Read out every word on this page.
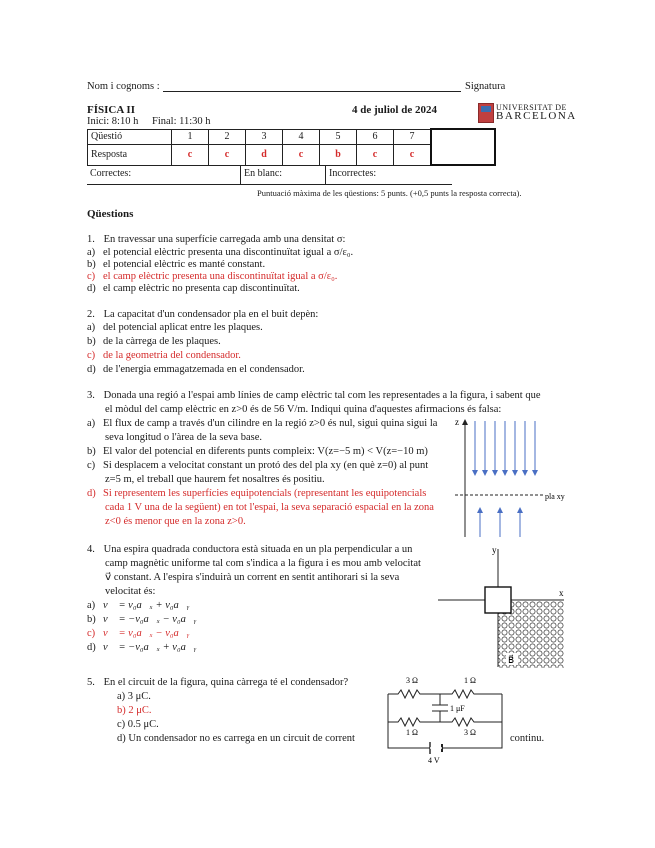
Nom i cognoms :	Signatura
FÍSICA II	4 de juliol de 2024
Inici: 8:10 h Final: 11:30 h
UNIVERSITAT DE
BARCELONA
Qüestió	1	2	3	4	5	6	7	
Resposta	c	c	d	c	b	c	c	
Correctes:	En blanc:	Incorrectes:
Puntuació màxima de les qüestions: 5 punts. (+0,5 punts la resposta correcta).
Qüestions
1. En travessar una superfície carregada amb una densitat σ:
a) el potencial elèctric presenta una discontinuïtat igual a σ/ε₀.
b) el potencial elèctric es manté constant.
c) el camp elèctric presenta una discontinuïtat igual a σ/ε₀.
d) el camp elèctric no presenta cap discontinuïtat.
2. La capacitat d'un condensador pla en el buit depèn:
a) del potencial aplicat entre les plaques.
b) de la càrrega de les plaques.
c) de la geometria del condensador.
d) de l'energia emmagatzemada en el condensador.
3. Donada una regió a l'espai amb línies de camp elèctric tal com les representades a la figura, i sabent que
el mòdul del camp elèctric en z>0 és de 56 V/m. Indiqui quina d'aquestes afirmacions és falsa:
a) El flux de camp a través d'un cilindre en la regió z>0 és nul, sigui quina sigui la
seva longitud o l'àrea de la seva base.
b) El valor del potencial en diferents punts compleix: V(z=−5 m) < V(z=−10 m)
c) Si desplacem a velocitat constant un protó des del pla xy (en què z=0) al punt
z=5 m, el treball que haurem fet nosaltres és positiu.
d) Si representem les superfícies equipotencials (representant les equipotencials
cada 1 V una de la següent) en tot l'espai, la seva separació espacial en la zona
z<0 és menor que en la zona z>0.
z
pla xy
4. Una espira quadrada conductora està situada en un pla perpendicular a un
camp magnètic uniforme tal com s'indica a la figura i es mou amb velocitat
v⃗ constant. A l'espira s'induirà un corrent en sentit antihorari si la seva
velocitat és:
a) v⃗ = v₀a⃗ₓ + v₀a⃗ᵧ
b) v⃗ = −v₀a⃗ₓ − v₀a⃗ᵧ
c) v⃗ = v₀a⃗ₓ − v₀a⃗ᵧ
d) v⃗ = −v₀a⃗ₓ + v₀a⃗ᵧ
y
x
B⃗
5. En el circuit de la figura, quina càrrega té el condensador?
a) 3 μC.
b) 2 μC.
c) 0.5 μC.
d) Un condensador no es carrega en un circuit de corrent	continu.
3 Ω	1 Ω
1 Ω	3 Ω
1 μF
4 V
